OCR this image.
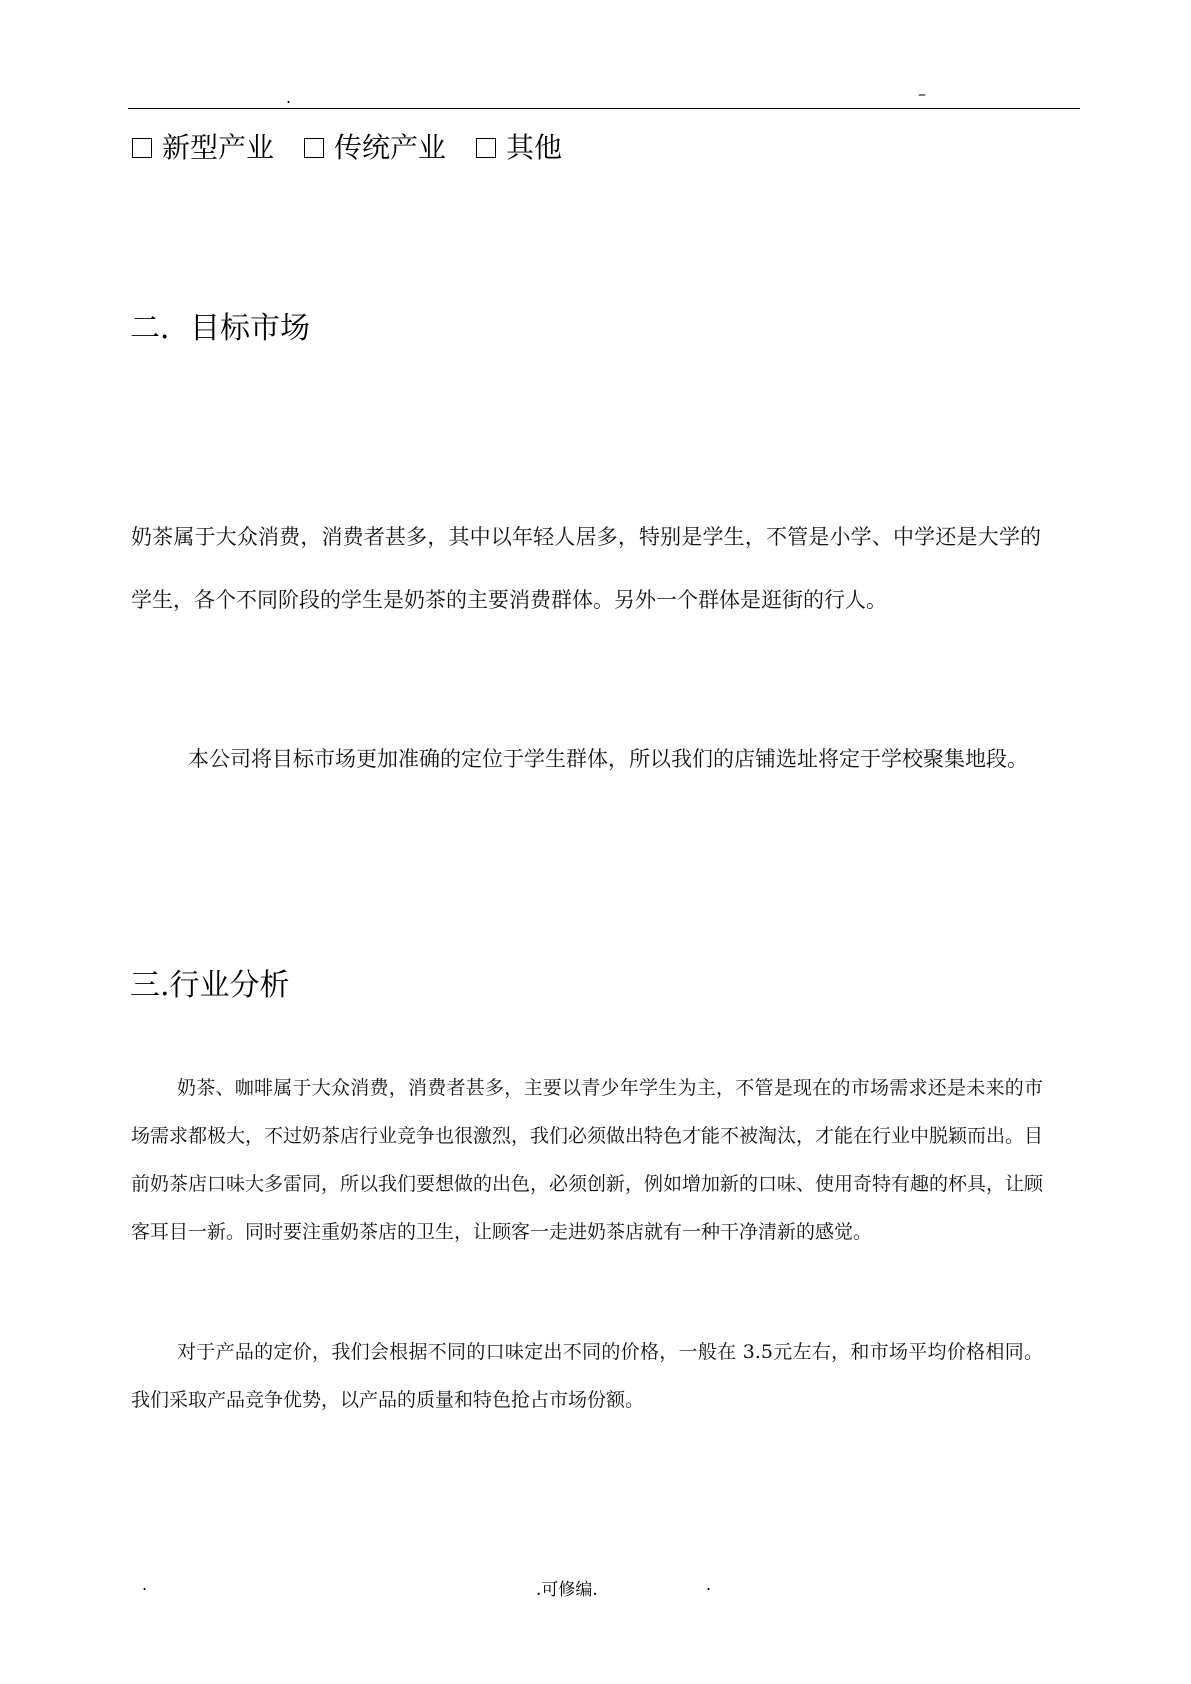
.	–
新型产业 传统产业 其他
二．目标市场

奶茶属于大众消费，消费者甚多，其中以年轻人居多，特别是学生，不管是小学、中学还是大学的学生，各个不同阶段的学生是奶茶的主要消费群体。另外一个群体是逛街的行人。

本公司将目标市场更加准确的定位于学生群体，所以我们的店铺选址将定于学校聚集地段。

三.行业分析

奶茶、咖啡属于大众消费，消费者甚多，主要以青少年学生为主，不管是现在的市场需求还是未来的市场需求都极大，不过奶茶店行业竞争也很激烈，我们必须做出特色才能不被淘汰，才能在行业中脱颖而出。目前奶茶店口味大多雷同，所以我们要想做的出色，必须创新，例如增加新的口味、使用奇特有趣的杯具，让顾客耳目一新。同时要注重奶茶店的卫生，让顾客一走进奶茶店就有一种干净清新的感觉。

对于产品的定价，我们会根据不同的口味定出不同的价格，一般在 3.5元左右，和市场平均价格相同。我们采取产品竞争优势，以产品的质量和特色抢占市场份额。

.	.可修编.	.
